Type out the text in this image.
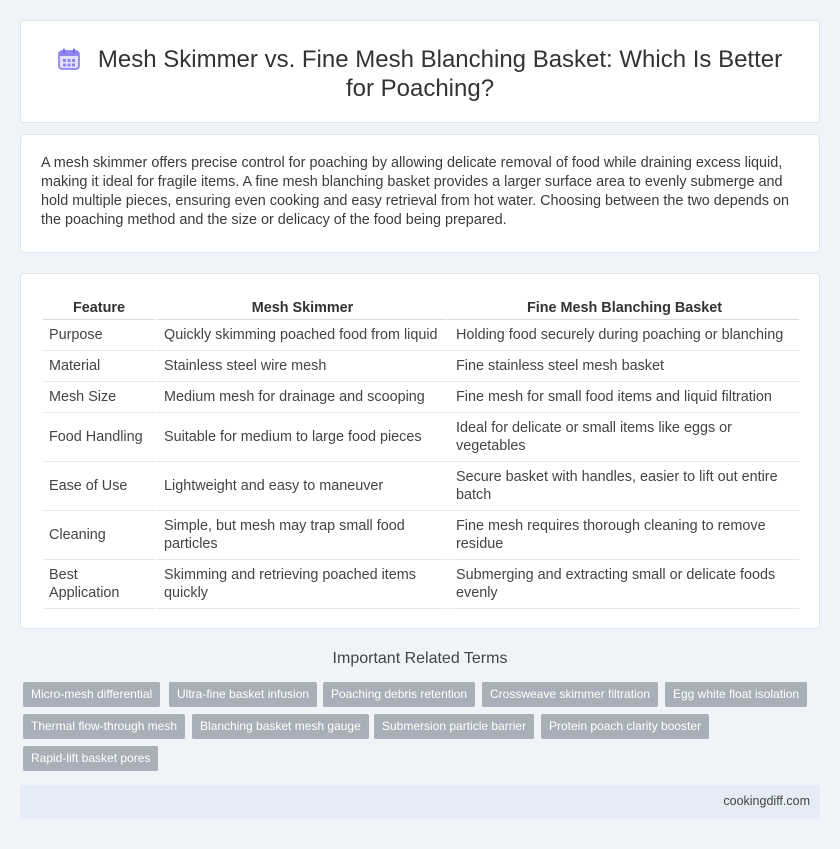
Mesh Skimmer vs. Fine Mesh Blanching Basket: Which Is Better for Poaching?

A mesh skimmer offers precise control for poaching by allowing delicate removal of food while draining excess liquid, making it ideal for fragile items. A fine mesh blanching basket provides a larger surface area to evenly submerge and hold multiple pieces, ensuring even cooking and easy retrieval from hot water. Choosing between the two depends on the poaching method and the size or delicacy of the food being prepared.

Feature	Mesh Skimmer	Fine Mesh Blanching Basket
Purpose	Quickly skimming poached food from liquid	Holding food securely during poaching or blanching
Material	Stainless steel wire mesh	Fine stainless steel mesh basket
Mesh Size	Medium mesh for drainage and scooping	Fine mesh for small food items and liquid filtration
Food Handling	Suitable for medium to large food pieces	Ideal for delicate or small items like eggs or vegetables
Ease of Use	Lightweight and easy to maneuver	Secure basket with handles, easier to lift out entire batch
Cleaning	Simple, but mesh may trap small food particles	Fine mesh requires thorough cleaning to remove residue
Best Application	Skimming and retrieving poached items quickly	Submerging and extracting small or delicate foods evenly
Important Related Terms
Micro-mesh differential	Ultra-fine basket infusion	Poaching debris retention	Crossweave skimmer filtration	Egg white float isolation
Thermal flow-through mesh	Blanching basket mesh gauge	Submersion particle barrier	Protein poach clarity booster
Rapid-lift basket pores
cookingdiff.com
